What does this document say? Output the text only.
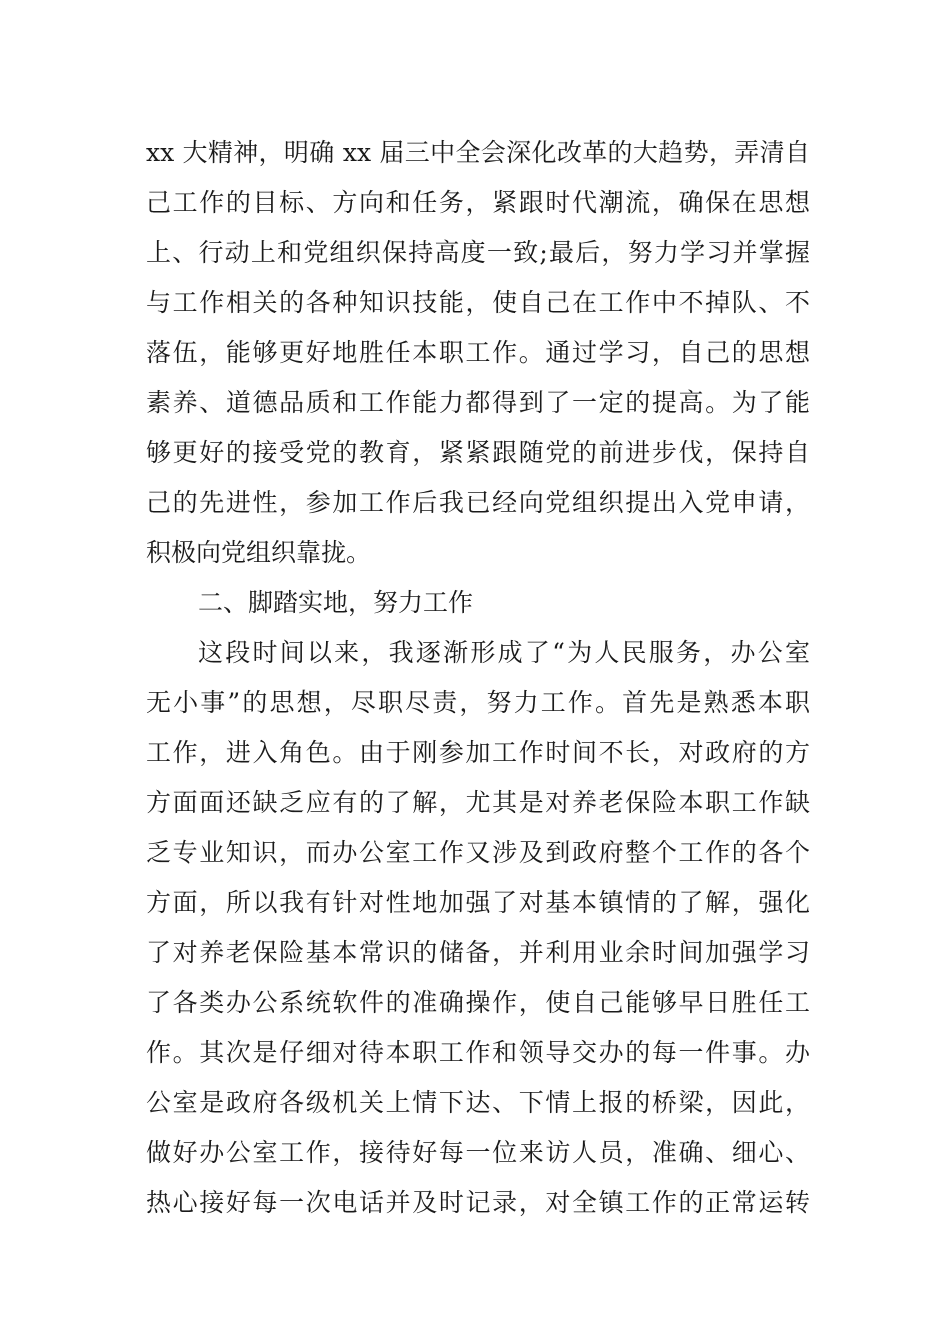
xx 大精神，明确 xx 届三中全会深化改革的大趋势，弄清自
己工作的目标、方向和任务，紧跟时代潮流，确保在思想
上、行动上和党组织保持高度一致;最后，努力学习并掌握
与工作相关的各种知识技能，使自己在工作中不掉队、不
落伍，能够更好地胜任本职工作。通过学习，自己的思想
素养、道德品质和工作能力都得到了一定的提高。为了能
够更好的接受党的教育，紧紧跟随党的前进步伐，保持自
己的先进性，参加工作后我已经向党组织提出入党申请，
积极向党组织靠拢。
二、脚踏实地，努力工作
这段时间以来，我逐渐形成了“为人民服务，办公室
无小事”的思想，尽职尽责，努力工作。首先是熟悉本职
工作，进入角色。由于刚参加工作时间不长，对政府的方
方面面还缺乏应有的了解，尤其是对养老保险本职工作缺
乏专业知识，而办公室工作又涉及到政府整个工作的各个
方面，所以我有针对性地加强了对基本镇情的了解，强化
了对养老保险基本常识的储备，并利用业余时间加强学习
了各类办公系统软件的准确操作，使自己能够早日胜任工
作。其次是仔细对待本职工作和领导交办的每一件事。办
公室是政府各级机关上情下达、下情上报的桥梁，因此，
做好办公室工作，接待好每一位来访人员，准确、细心、
热心接好每一次电话并及时记录，对全镇工作的正常运转
